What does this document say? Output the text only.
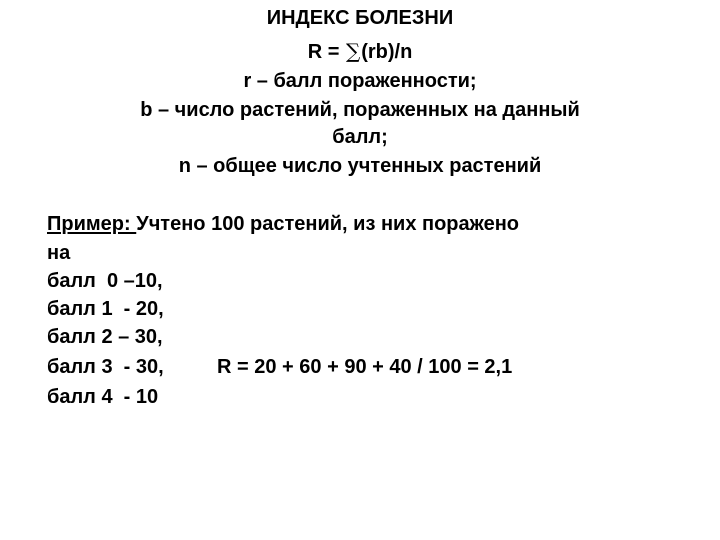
ИНДЕКС БОЛЕЗНИ

R = ∑(rb)/n

r – балл пораженности;

b – число растений, пораженных на данный

балл;

n – общее число учтенных растений

Пример: Учтено 100 растений, из них поражено

на

балл  0 –10,

балл 1  - 20,

балл 2 – 30,

балл 3  - 30,

балл 4  - 10

R = 20 + 60 + 90 + 40 / 100 = 2,1
